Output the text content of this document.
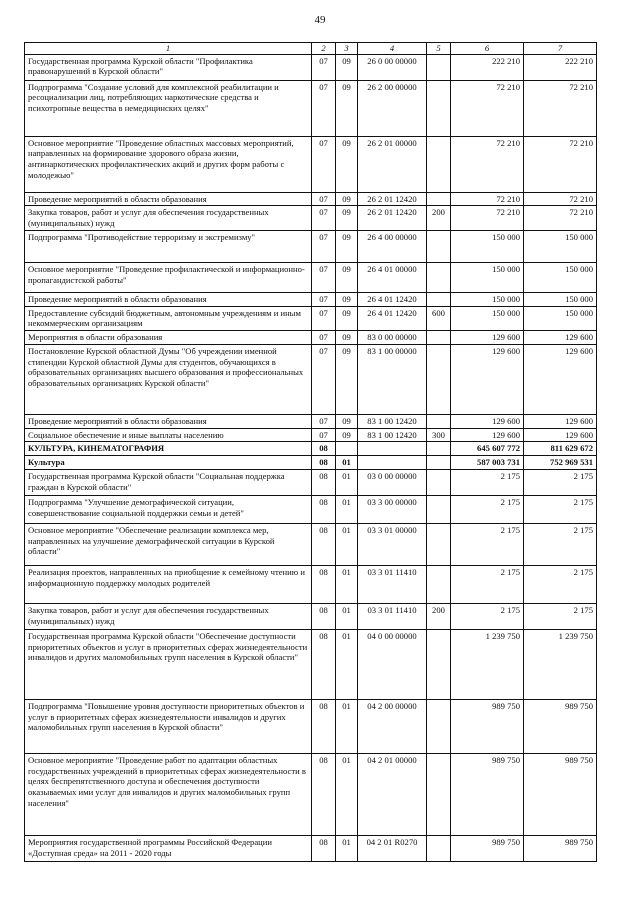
49
1	2	3	4	5	6	7
Государственная программа Курской области "Профилактика правонарушений в Курской области"	07	09	26 0 00 00000		222 210	222 210
Подпрограмма "Создание условий для комплексной реабилитации и ресоциализации лиц, потребляющих наркотические средства и психотропные вещества в немедицинских целях"	07	09	26 2 00 00000		72 210	72 210
Основное мероприятие "Проведение областных массовых мероприятий, направленных на формирование здорового образа жизни, антинаркотических профилактических акций и других форм работы с молодежью"	07	09	26 2 01 00000		72 210	72 210
Проведение мероприятий в области образования	07	09	26 2 01 12420		72 210	72 210
Закупка товаров, работ и услуг для обеспечения государственных (муниципальных) нужд	07	09	26 2 01 12420	200	72 210	72 210
Подпрограмма "Противодействие терроризму и экстремизму"	07	09	26 4 00 00000		150 000	150 000
Основное мероприятие "Проведение профилактической и информационно-пропагандистской работы"	07	09	26 4 01 00000		150 000	150 000
Проведение мероприятий в области образования	07	09	26 4 01 12420		150 000	150 000
Предоставление субсидий бюджетным, автономным учреждениям и иным некоммерческим организациям	07	09	26 4 01 12420	600	150 000	150 000
Мероприятия в области образования	07	09	83 0 00 00000		129 600	129 600
Постановление Курской областной Думы "Об учреждении именной стипендии Курской областной Думы для студентов, обучающихся в образовательных организациях высшего образования и профессиональных образовательных организациях Курской области"	07	09	83 1 00 00000		129 600	129 600
Проведение мероприятий в области образования	07	09	83 1 00 12420		129 600	129 600
Социальное обеспечение и иные выплаты населению	07	09	83 1 00 12420	300	129 600	129 600
КУЛЬТУРА, КИНЕМАТОГРАФИЯ	08				645 607 772	811 629 672
Культура	08	01			587 003 731	752 969 531
Государственная программа Курской области "Социальная поддержка граждан в Курской области"	08	01	03 0 00 00000		2 175	2 175
Подпрограмма "Улучшение демографической ситуации, совершенствование социальной поддержки семьи и детей"	08	01	03 3 00 00000		2 175	2 175
Основное мероприятие "Обеспечение реализации комплекса мер, направленных на улучшение демографической ситуации в Курской области"	08	01	03 3 01 00000		2 175	2 175
Реализация проектов, направленных на приобщение к семейному чтению и информационную поддержку молодых родителей	08	01	03 3 01 11410		2 175	2 175
Закупка товаров, работ и услуг для обеспечения государственных (муниципальных) нужд	08	01	03 3 01 11410	200	2 175	2 175
Государственная программа Курской области "Обеспечение доступности приоритетных объектов и услуг в приоритетных сферах жизнедеятельности инвалидов и других маломобильных групп населения в Курской области"	08	01	04 0 00 00000		1 239 750	1 239 750
Подпрограмма "Повышение уровня доступности приоритетных объектов и услуг в приоритетных сферах жизнедеятельности инвалидов и других маломобильных групп населения в Курской области"	08	01	04 2 00 00000		989 750	989 750
Основное мероприятие "Проведение работ по адаптации областных государственных учреждений в приоритетных сферах жизнедеятельности в целях беспрепятственного доступа и обеспечения доступности оказываемых ими услуг для инвалидов и других маломобильных групп населения"	08	01	04 2 01 00000		989 750	989 750
Мероприятия государственной программы Российской Федерации «Доступная среда» на 2011 - 2020 годы	08	01	04 2 01 R0270		989 750	989 750
